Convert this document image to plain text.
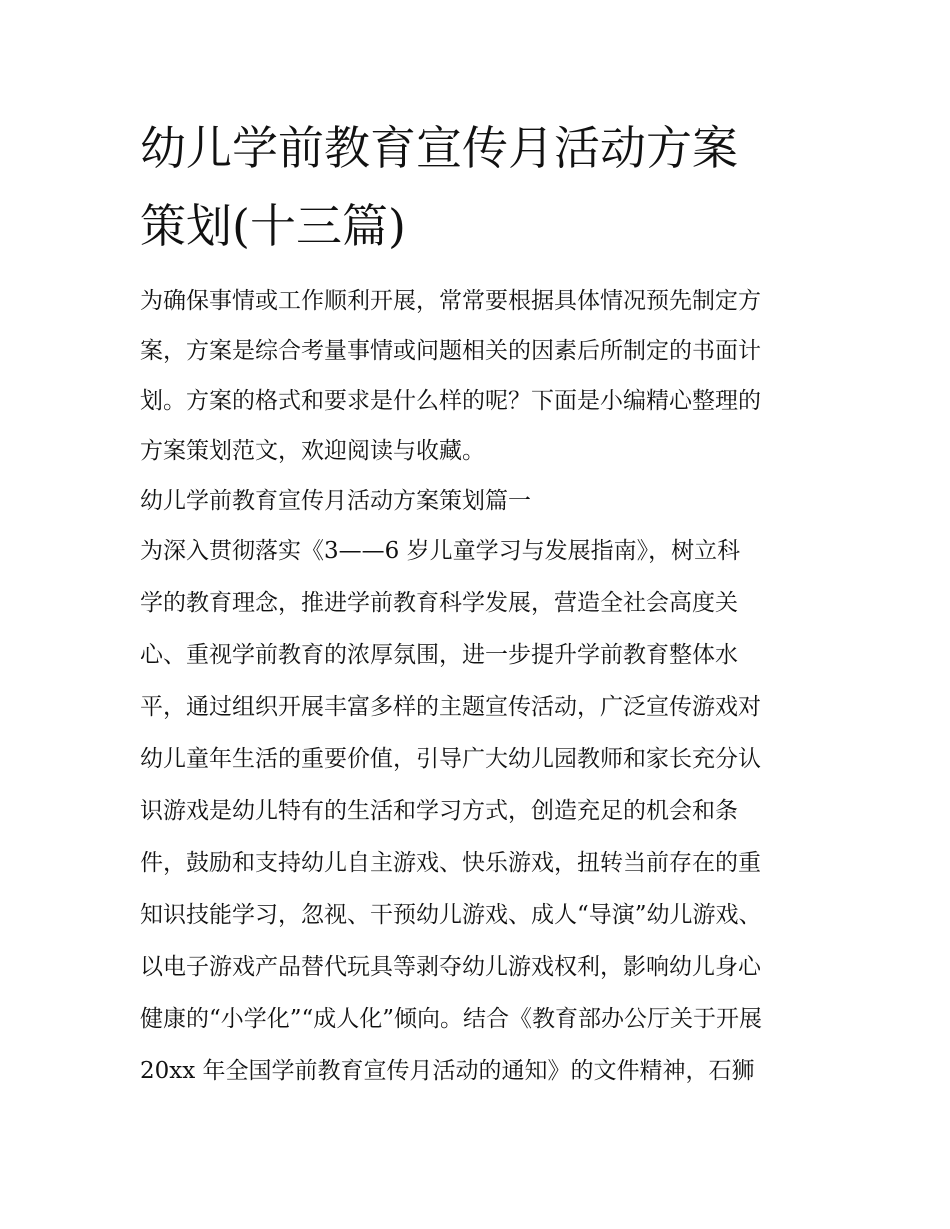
幼儿学前教育宣传月活动方案
策划(十三篇)
为确保事情或工作顺利开展，常常要根据具体情况预先制定方
案，方案是综合考量事情或问题相关的因素后所制定的书面计
划。方案的格式和要求是什么样的呢？下面是小编精心整理的
方案策划范文，欢迎阅读与收藏。
幼儿学前教育宣传月活动方案策划篇一
为深入贯彻落实《3——6 岁儿童学习与发展指南》，树立科
学的教育理念，推进学前教育科学发展，营造全社会高度关
心、重视学前教育的浓厚氛围，进一步提升学前教育整体水
平，通过组织开展丰富多样的主题宣传活动，广泛宣传游戏对
幼儿童年生活的重要价值，引导广大幼儿园教师和家长充分认
识游戏是幼儿特有的生活和学习方式，创造充足的机会和条
件，鼓励和支持幼儿自主游戏、快乐游戏，扭转当前存在的重
知识技能学习，忽视、干预幼儿游戏、成人“导演”幼儿游戏、
以电子游戏产品替代玩具等剥夺幼儿游戏权利，影响幼儿身心
健康的“小学化”“成人化”倾向。结合《教育部办公厅关于开展
20xx 年全国学前教育宣传月活动的通知》的文件精神，石狮
